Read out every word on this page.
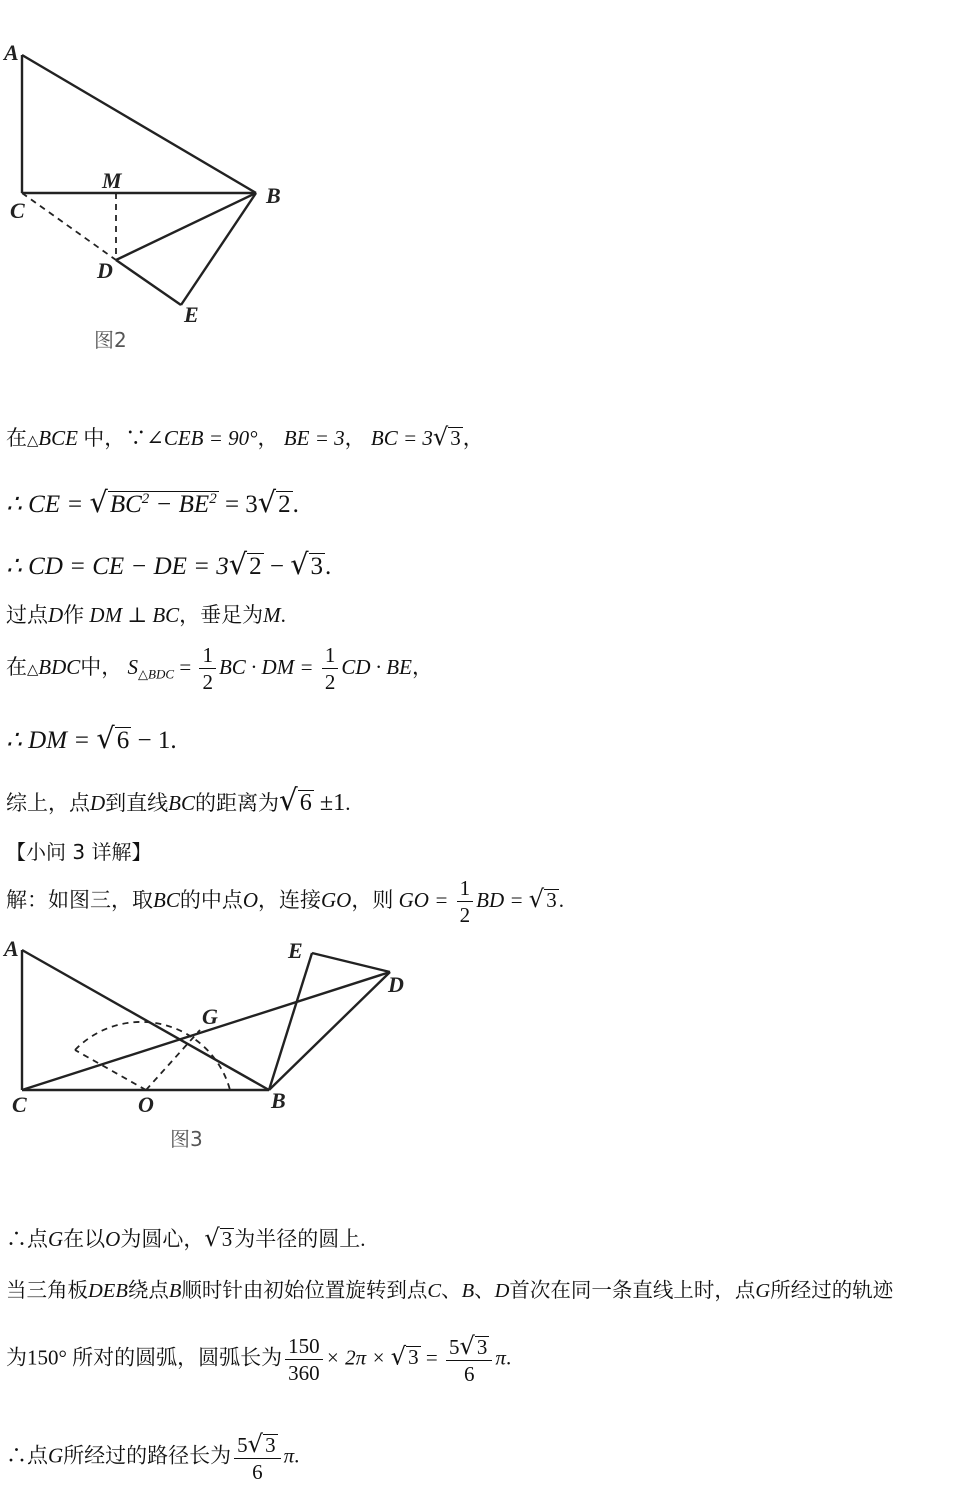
A
M
B
C
D
E
图2
A	E
D
G
C	O	B
图3
在△BCE 中，∵∠CEB = 90°， BE = 3， BC = 3√3，
∴ CE = $√BC^2 - BE^2 = 3√2$.
∴ CD = CE − DE = 3√2 − √3.
过点D作 DM ⊥ BC，垂足为M.
在△BDC中， $S_{\triangle BDC} = \frac{1}{2}$ BC · DM = $\frac{1}{2}$ CD · BE，
∴ DM = √6 − 1.
综上，点D到直线BC的距离为√6 ±1.
【小问 3 详解】
解：如图三，取BC的中点O，连接GO，则 GO = $\frac{1}{2}$ BD = √3.
∴点G在以O为圆心，√3为半径的圆上.
当三角板DEB绕点B顺时针由初始位置旋转到点C、B、D首次在同一条直线上时，点G所经过的轨迹
为150° 所对的圆弧，圆弧长为 $\frac{150}{360} \times 2\pi \times √3 = \frac{5√3}{6} \pi$.
∴点G所经过的路径长为 $\frac{5√3}{6} \pi$.
